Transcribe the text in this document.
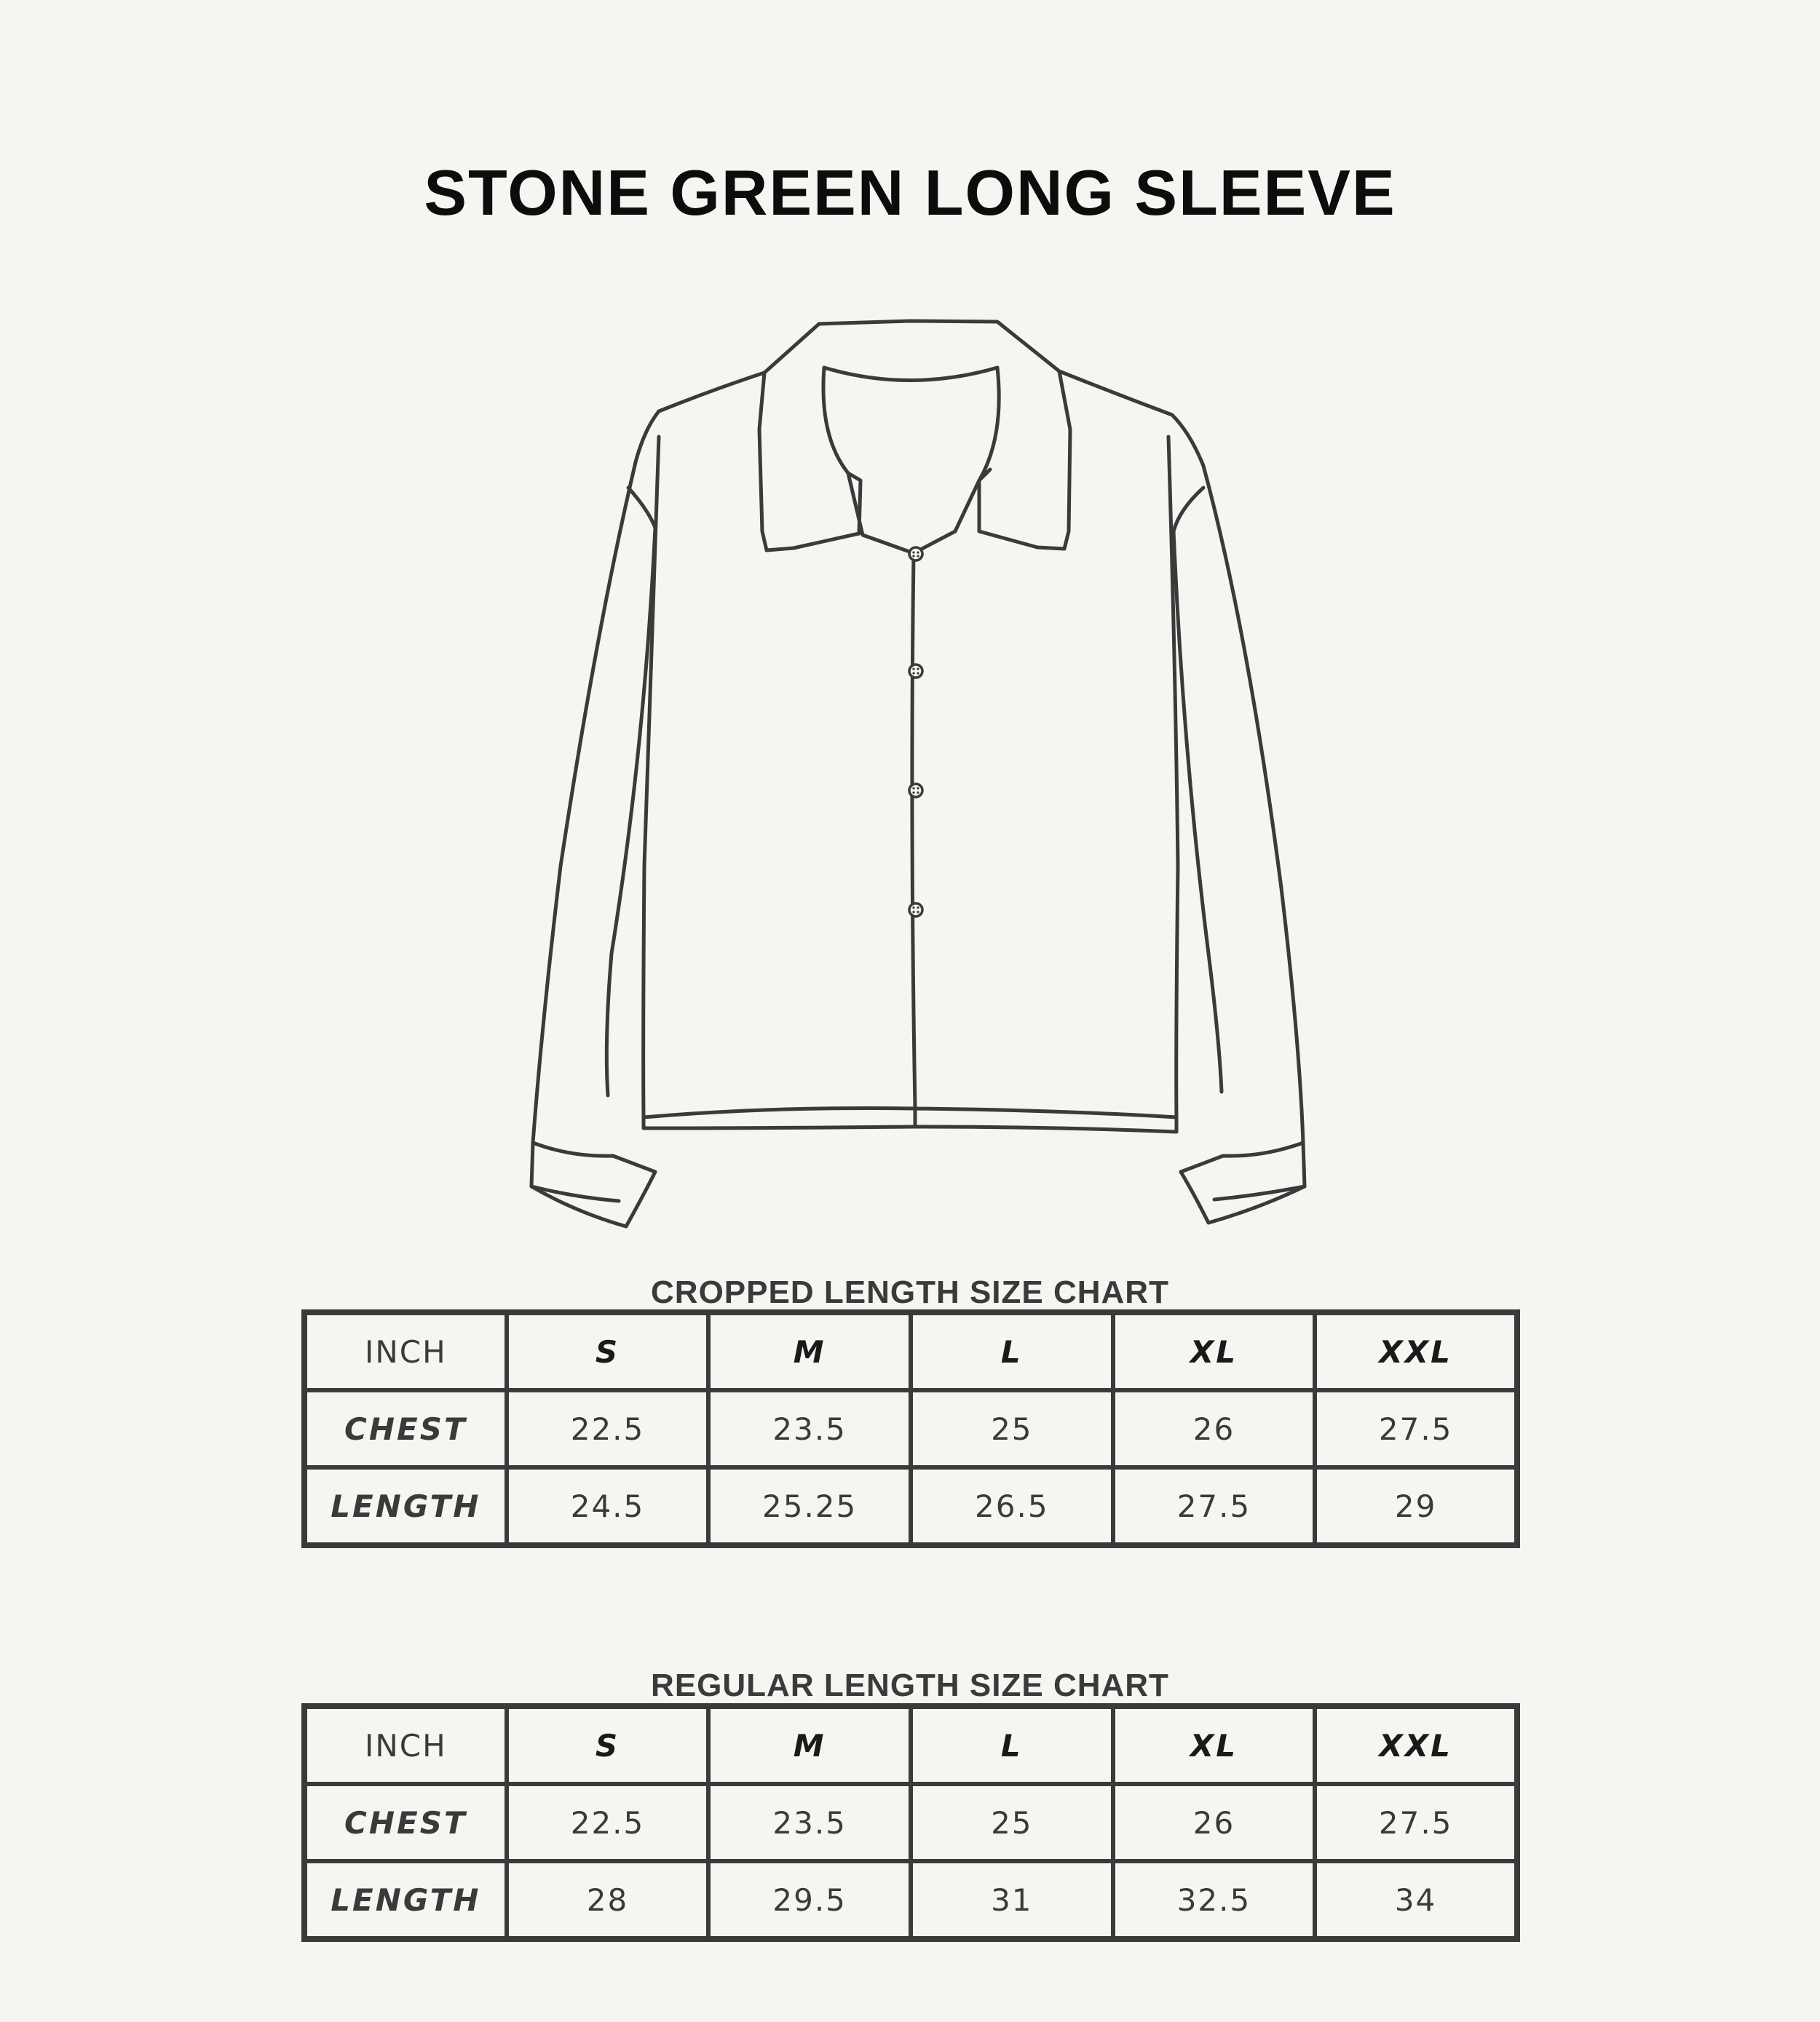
STONE GREEN LONG SLEEVE
CROPPED LENGTH SIZE CHART
INCH	S	M	L	XL	XXL
CHEST	22.5	23.5	25	26	27.5
LENGTH	24.5	25.25	26.5	27.5	29
REGULAR LENGTH SIZE CHART
INCH	S	M	L	XL	XXL
CHEST	22.5	23.5	25	26	27.5
LENGTH	28	29.5	31	32.5	34
